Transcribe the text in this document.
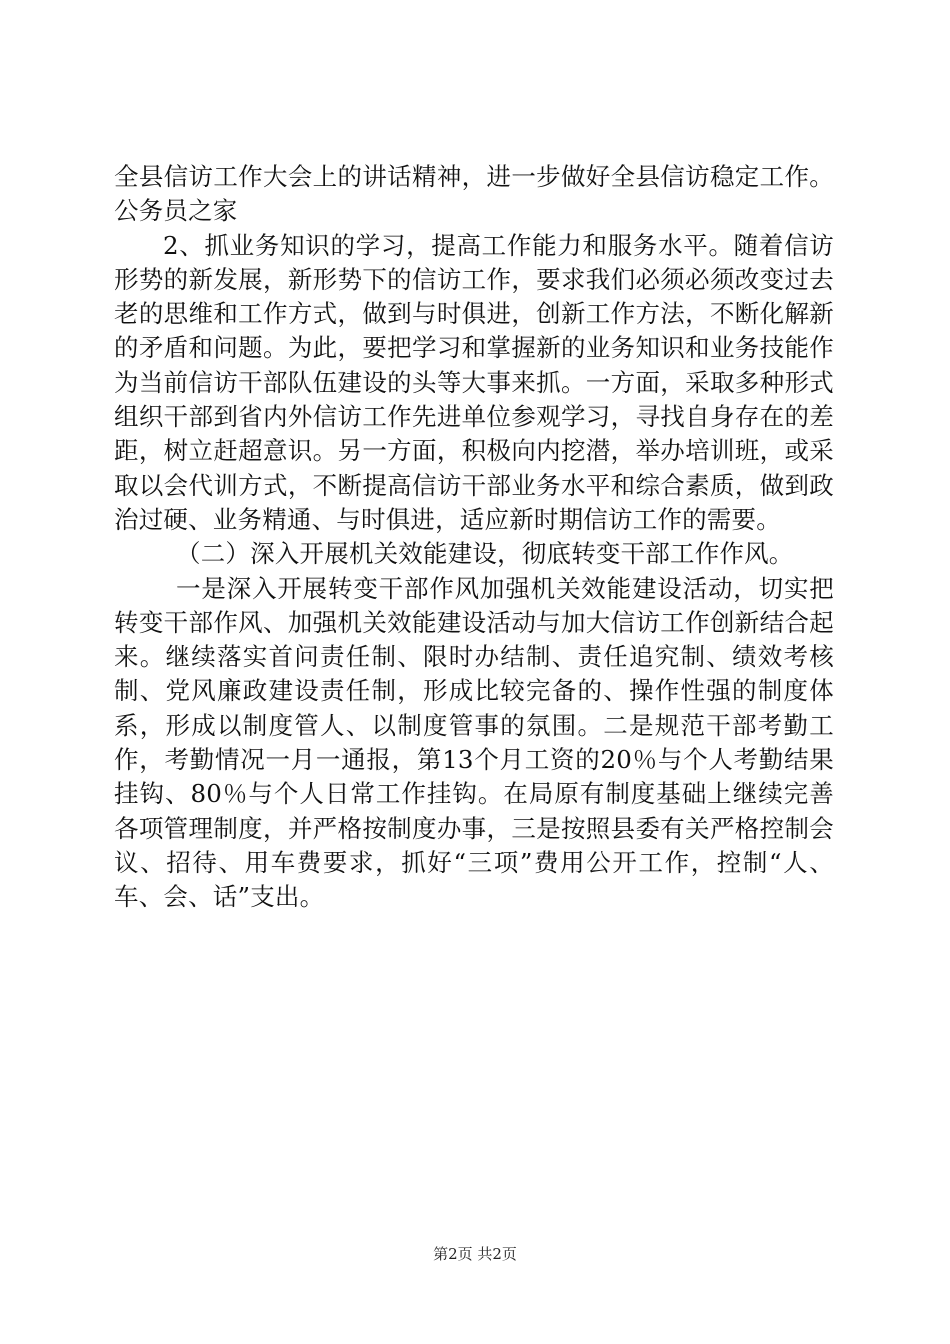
全县信访工作大会上的讲话精神，进一步做好全县信访稳定工作。公务员之家

2、抓业务知识的学习，提高工作能力和服务水平。随着信访形势的新发展，新形势下的信访工作，要求我们必须必须改变过去老的思维和工作方式，做到与时俱进，创新工作方法，不断化解新的矛盾和问题。为此，要把学习和掌握新的业务知识和业务技能作为当前信访干部队伍建设的头等大事来抓。一方面，采取多种形式组织干部到省内外信访工作先进单位参观学习，寻找自身存在的差距，树立赶超意识。另一方面，积极向内挖潜，举办培训班，或采取以会代训方式，不断提高信访干部业务水平和综合素质，做到政治过硬、业务精通、与时俱进，适应新时期信访工作的需要。

（二）深入开展机关效能建设，彻底转变干部工作作风。

一是深入开展转变干部作风加强机关效能建设活动，切实把转变干部作风、加强机关效能建设活动与加大信访工作创新结合起来。继续落实首问责任制、限时办结制、责任追究制、绩效考核制、党风廉政建设责任制，形成比较完备的、操作性强的制度体系，形成以制度管人、以制度管事的氛围。二是规范干部考勤工作，考勤情况一月一通报，第13个月工资的20％与个人考勤结果挂钩、80％与个人日常工作挂钩。在局原有制度基础上继续完善各项管理制度，并严格按制度办事，三是按照县委有关严格控制会议、招待、用车费要求，抓好“三项”费用公开工作，控制“人、车、会、话”支出。

第2页 共2页
